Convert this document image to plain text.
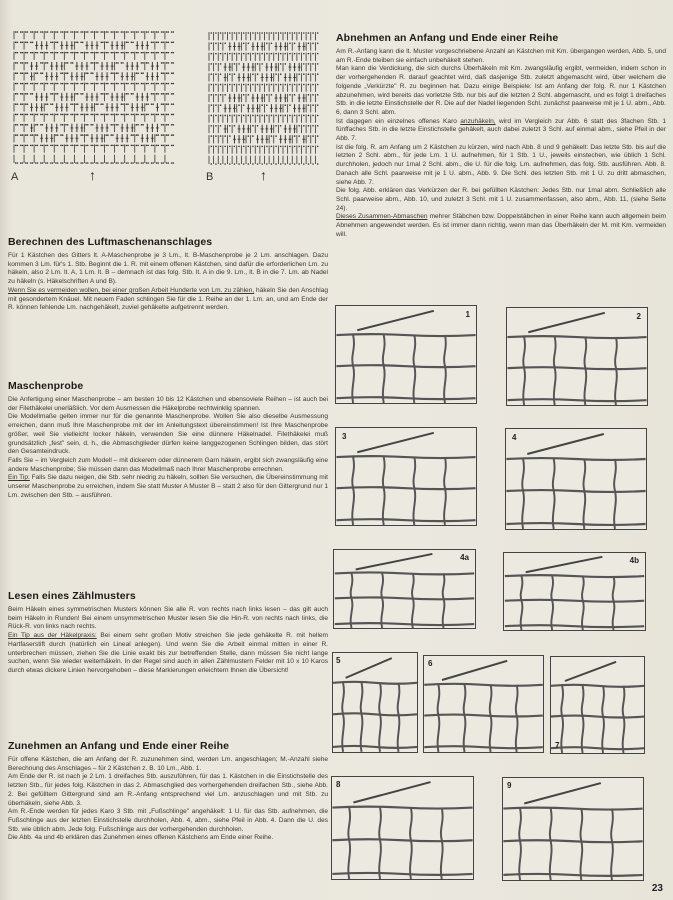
A	↑	B	↑
Berechnen des Luftmaschenanschlages

Für 1 Kästchen des Gitters lt. A-Maschenprobe je 3 Lm., lt. B-Maschenprobe je 2 Lm. anschlagen. Dazu kommen 3 Lm. für's 1. Stb. Beginnt die 1. R. mit einem offenen Kästchen, sind dafür die erforderlichen Lm. zu häkeln, also 2 Lm. lt. A, 1 Lm. lt. B – demnach ist das folg. Stb. lt. A in die 9. Lm., lt. B in die 7. Lm. ab Nadel zu häkeln (s. Häkelschriften A und B).

Wenn Sie es vermeiden wollen, bei einer großen Arbeit Hunderte von Lm. zu zählen, häkeln Sie den Anschlag mit gesondertem Knäuel. Mit neuem Faden schlingen Sie für die 1. Reihe an der 1. Lm. an, und am Ende der R. können fehlende Lm. nachgehäkelt, zuviel gehäkelte aufgetrennt werden.

Maschenprobe

Die Anfertigung einer Maschenprobe – am besten 10 bis 12 Kästchen und ebensoviele Reihen – ist auch bei der Filethäkelei unerläßlich. Vor dem Ausmessen die Häkelprobe rechtwinklig spannen.

Die Modellmaße gelten immer nur für die genannte Maschenprobe. Wollen Sie also dieselbe Ausmessung erreichen, dann muß Ihre Maschenprobe mit der im Anleitungstext übereinstimmen! Ist Ihre Maschenprobe größer, weil Sie vielleicht locker häkeln, verwenden Sie eine dünnere Häkelnadel. Filethäkelei muß grundsätzlich „fest" sein, d. h., die Abmaschglieder dürfen keine langgezogenen Schlingen bilden, das stört den Gesamteindruck.

Falls Sie – im Vergleich zum Modell – mit dickerem oder dünnerem Garn häkeln, ergibt sich zwangsläufig eine andere Maschenprobe; Sie müssen dann das Modellmaß nach Ihrer Maschenprobe errechnen.

Ein Tip: Falls Sie dazu neigen, die Stb. sehr niedrig zu häkeln, sollten Sie versuchen, die Übereinstimmung mit unserer Maschenprobe zu erreichen, indem Sie statt Muster A Muster B – statt 2 also für den Gittergrund nur 1 Lm. zwischen den Stb. – ausführen.

Lesen eines Zählmusters

Beim Häkeln eines symmetrischen Musters können Sie alle R. von rechts nach links lesen – das gilt auch beim Häkeln in Runden! Bei einem unsymmetrischen Muster lesen Sie die Hin-R. von rechts nach links, die Rück-R. von links nach rechts.

Ein Tip aus der Häkelpraxis: Bei einem sehr großen Motiv streichen Sie jede gehäkelte R. mit hellem Hartfaserstift durch (natürlich ein Lineal anlegen). Und wenn Sie die Arbeit einmal mitten in einer R. unterbrechen müssen, ziehen Sie die Linie exakt bis zur betreffenden Stelle, dann müssen Sie nicht lange suchen, wenn Sie wieder weiterhäkeln. In der Regel sind auch in allen Zählmustern Felder mit 10 x 10 Karos durch etwas dickere Linien hervorgehoben – diese Markierungen erleichtern Ihnen die Übersicht!

Zunehmen an Anfang und Ende einer Reihe

Für offene Kästchen, die am Anfang der R. zuzunehmen sind, werden Lm. angeschlagen; M.-Anzahl siehe Berechnung des Anschlages – für 2 Kästchen z. B. 10 Lm., Abb. 1.

Am Ende der R. ist nach je 2 Lm. 1 dreifaches Stb. auszuführen, für das 1. Kästchen in die Einstichstelle des letzten Stb., für jedes folg. Kästchen in das 2. Abmaschglied des vorhergehenden dreifachen Stb., siehe Abb. 2. Bei gefülltem Gittergrund sind am R.-Anfang entsprechend viel Lm. anzuschlagen und mit Stb. zu überhäkeln, siehe Abb. 3.

Am R.-Ende werden für jedes Karo 3 Stb. mit „Fußschlinge" angehäkelt: 1 U. für das Stb. aufnehmen, die Fußschlinge aus der letzten Einstichstelle durchholen, Abb. 4, abm., siehe Pfeil in Abb. 4. Dann die U. des Stb. wie üblich abm. Jede folg. Fußschlinge aus der vorhergehenden durchholen.

Die Abb. 4a und 4b erklären das Zunehmen eines offenen Kästchens am Ende einer Reihe.

Abnehmen an Anfang und Ende einer Reihe

Am R.-Anfang kann die lt. Muster vorgeschriebene Anzahl an Kästchen mit Km. übergangen werden, Abb. 5, und am R.-Ende bleiben sie einfach unbehäkelt stehen.

Man kann die Verdickung, die sich durchs Überhäkeln mit Km. zwangsläufig ergibt, vermeiden, indem schon in der vorhergehenden R. darauf geachtet wird, daß dasjenige Stb. zuletzt abgemascht wird, über welchem die folgende „Verkürzte" R. zu beginnen hat. Dazu einige Beispiele: Ist am Anfang der folg. R. nur 1 Kästchen abzunehmen, wird bereits das vorletzte Stb. nur bis auf die letzten 2 Schl. abgemascht, und es folgt 1 dreifaches Stb. in die letzte Einstichstelle der R. Die auf der Nadel liegenden Schl. zunächst paarweise mit je 1 U. abm., Abb. 6, dann 3 Schl. abm.

Ist dagegen ein einzelnes offenes Karo anzuhäkeln, wird im Vergleich zur Abb. 6 statt des 3fachen Stb. 1 fünffaches Stb. in die letzte Einstichstelle gehäkelt, auch dabei zuletzt 3 Schl. auf einmal abm., siehe Pfeil in der Abb. 7.

Ist die folg. R. am Anfang um 2 Kästchen zu kürzen, wird nach Abb. 8 und 9 gehäkelt: Das letzte Stb. bis auf die letzten 2 Schl. abm., für jede Lm. 1 U. aufnehmen, für 1 Stb. 1 U., jeweils einstechen, wie üblich 1 Schl. durchholen, jedoch nur 1mal 2 Schl. abm., die U. für die folg. Lm. aufnehmen, das folg. Stb. ausführen. Abb. 8. Danach alle Schl. paarweise mit je 1 U. abm., Abb. 9. Die Schl. des letzten Stb. mit 1 U. zu dritt abmaschen, siehe Abb. 7.

Die folg. Abb. erklären das Verkürzen der R. bei gefüllten Kästchen: Jedes Stb. nur 1mal abm. Schließlich alle Schl. paarweise abm., Abb. 10, und zuletzt 3 Schl. mit 1 U. zusammenfassen, also abm., Abb. 11, (siehe Seite 24).

Dieses Zusammen-Abmaschen mehrer Stäbchen bzw. Doppelstäbchen in einer Reihe kann auch allgemein beim Abnehmen angewendet werden. Es ist immer dann richtig, wenn man das Überhäkeln der M. mit Km. vermeiden will.

1	2
3	4
4a	4b
5	6
7
8	9
23
